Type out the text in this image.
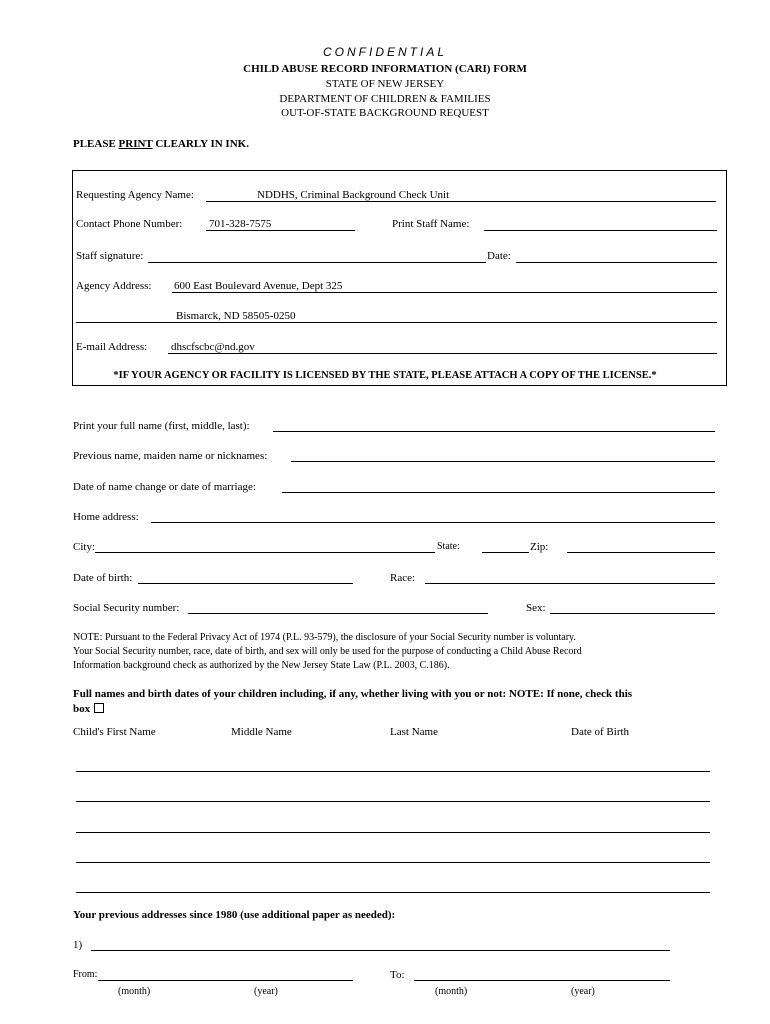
CONFIDENTIAL
CHILD ABUSE RECORD INFORMATION (CARI) FORM
STATE OF NEW JERSEY
DEPARTMENT OF CHILDREN & FAMILIES
OUT-OF-STATE BACKGROUND REQUEST
PLEASE PRINT CLEARLY IN INK.
Requesting Agency Name:	NDDHS, Criminal Background Check Unit
Contact Phone Number: 701-328-7575	Print Staff Name:
Staff signature:	Date:
Agency Address: 600 East Boulevard Avenue, Dept 325
Bismarck, ND 58505-0250
E-mail Address: dhscfscbc@nd.gov
*IF YOUR AGENCY OR FACILITY IS LICENSED BY THE STATE, PLEASE ATTACH A COPY OF THE LICENSE.*
Print your full name (first, middle, last):
Previous name, maiden name or nicknames:
Date of name change or date of marriage:
Home address:
City:	State:	Zip:
Date of birth:	Race:
Social Security number:	Sex:
NOTE: Pursuant to the Federal Privacy Act of 1974 (P.L. 93-579), the disclosure of your Social Security number is voluntary.
Your Social Security number, race, date of birth, and sex will only be used for the purpose of conducting a Child Abuse Record
Information background check as authorized by the New Jersey State Law (P.L. 2003, C.186).
Full names and birth dates of your children including, if any, whether living with you or not: NOTE: If none, check this
box
Child's First Name	Middle Name	Last Name	Date of Birth
Your previous addresses since 1980 (use additional paper as needed):
1)
From:	To:
(month)	(year)	(month)	(year)
